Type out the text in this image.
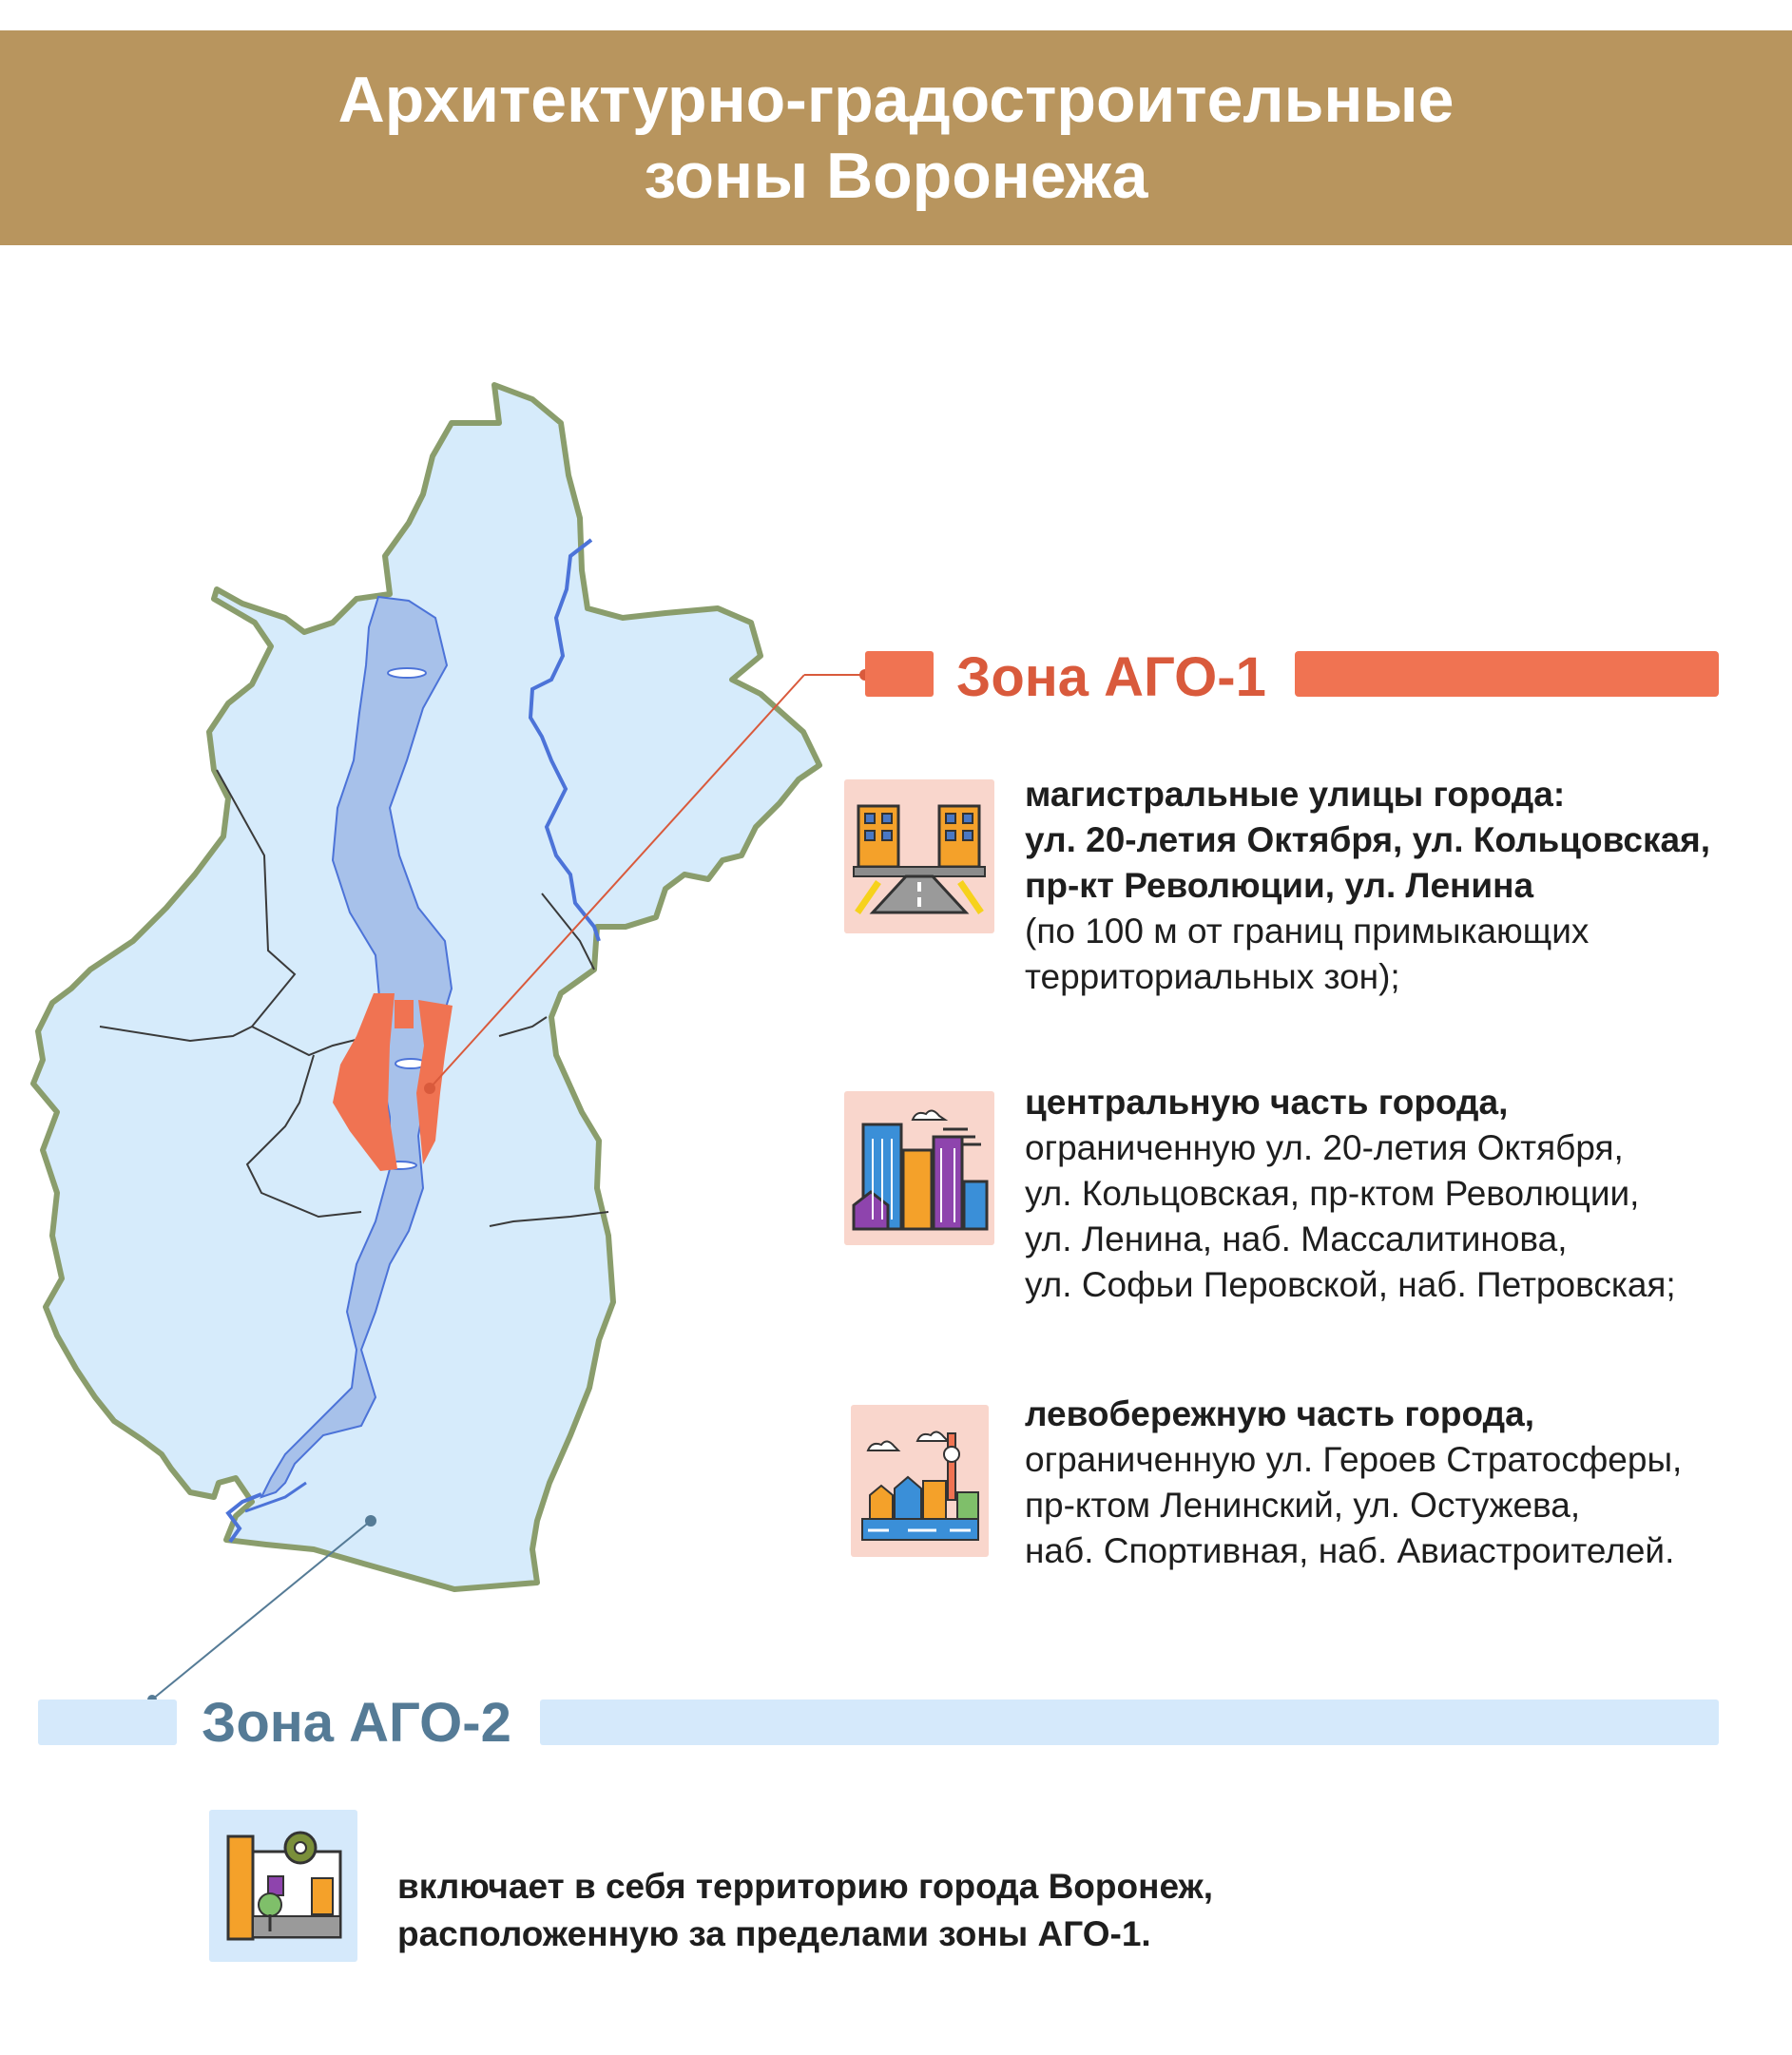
Архитектурно-градостроительные
зоны Воронежа
Зона АГО-1
магистральные улицы города:
ул. 20-летия Октября, ул. Кольцовская,
пр-кт Революции, ул. Ленина
(по 100 м от границ примыкающих
территориальных зон);
центральную часть города,
ограниченную ул. 20-летия Октября,
ул. Кольцовская, пр-ктом Революции,
ул. Ленина, наб. Массалитинова,
ул. Софьи Перовской, наб. Петровская;
левобережную часть города,
ограниченную ул. Героев Стратосферы,
пр-ктом Ленинский, ул. Остужева,
наб. Спортивная, наб. Авиастроителей.
Зона АГО-2
включает в себя территорию города Воронеж,
расположенную за пределами зоны АГО-1.
